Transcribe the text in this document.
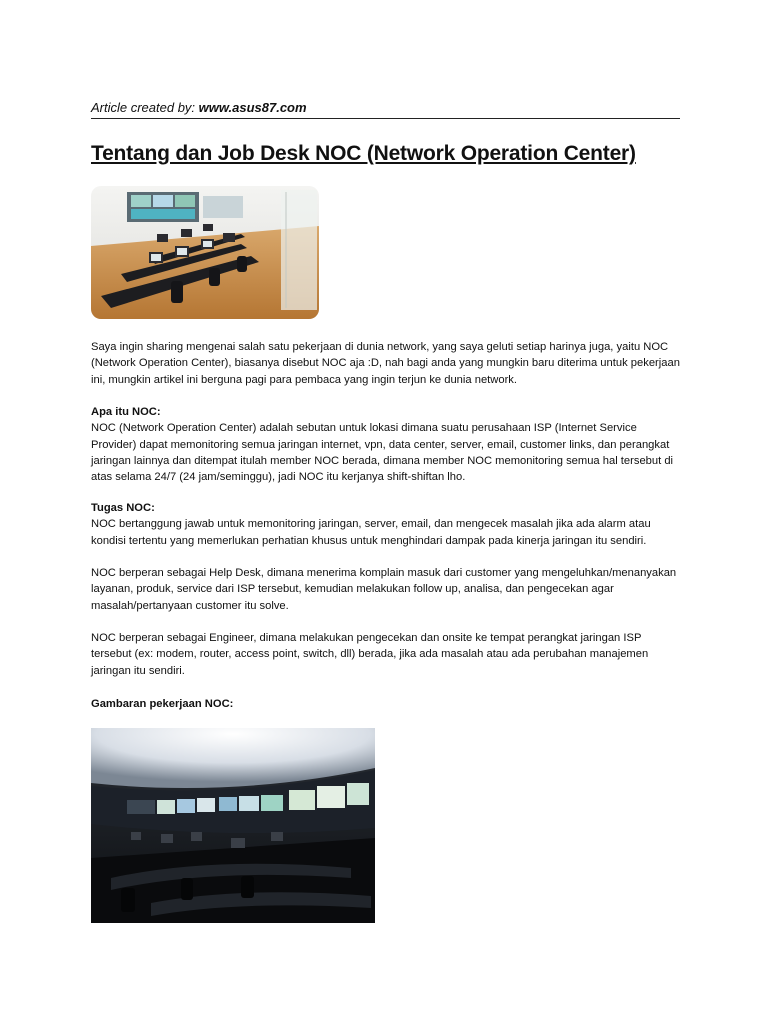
Article created by: www.asus87.com
Tentang dan Job Desk NOC (Network Operation Center)

Saya ingin sharing mengenai salah satu pekerjaan di dunia network, yang saya geluti setiap harinya juga, yaitu NOC (Network Operation Center), biasanya disebut NOC aja :D, nah bagi anda yang mungkin baru diterima untuk pekerjaan ini, mungkin artikel ini berguna pagi para pembaca yang ingin terjun ke dunia network.

Apa itu NOC:
NOC (Network Operation Center) adalah sebutan untuk lokasi dimana suatu perusahaan ISP (Internet Service Provider) dapat memonitoring semua jaringan internet, vpn, data center, server, email, customer links, dan perangkat jaringan lainnya dan ditempat itulah member NOC berada, dimana member NOC memonitoring semua hal tersebut di atas selama 24/7 (24 jam/seminggu), jadi NOC itu kerjanya shift-shiftan lho.

Tugas NOC:
NOC bertanggung jawab untuk memonitoring jaringan, server, email, dan mengecek masalah jika ada alarm atau kondisi tertentu yang memerlukan perhatian khusus untuk menghindari dampak pada kinerja jaringan itu sendiri.

NOC berperan sebagai Help Desk, dimana menerima komplain masuk dari customer yang mengeluhkan/menanyakan layanan, produk, service dari ISP tersebut, kemudian melakukan follow up, analisa, dan pengecekan agar masalah/pertanyaan customer itu solve.

NOC berperan sebagai Engineer, dimana melakukan pengecekan dan onsite ke tempat perangkat jaringan ISP tersebut (ex: modem, router, access point, switch, dll) berada, jika ada masalah atau ada perubahan manajemen jaringan itu sendiri.

Gambaran pekerjaan NOC:
